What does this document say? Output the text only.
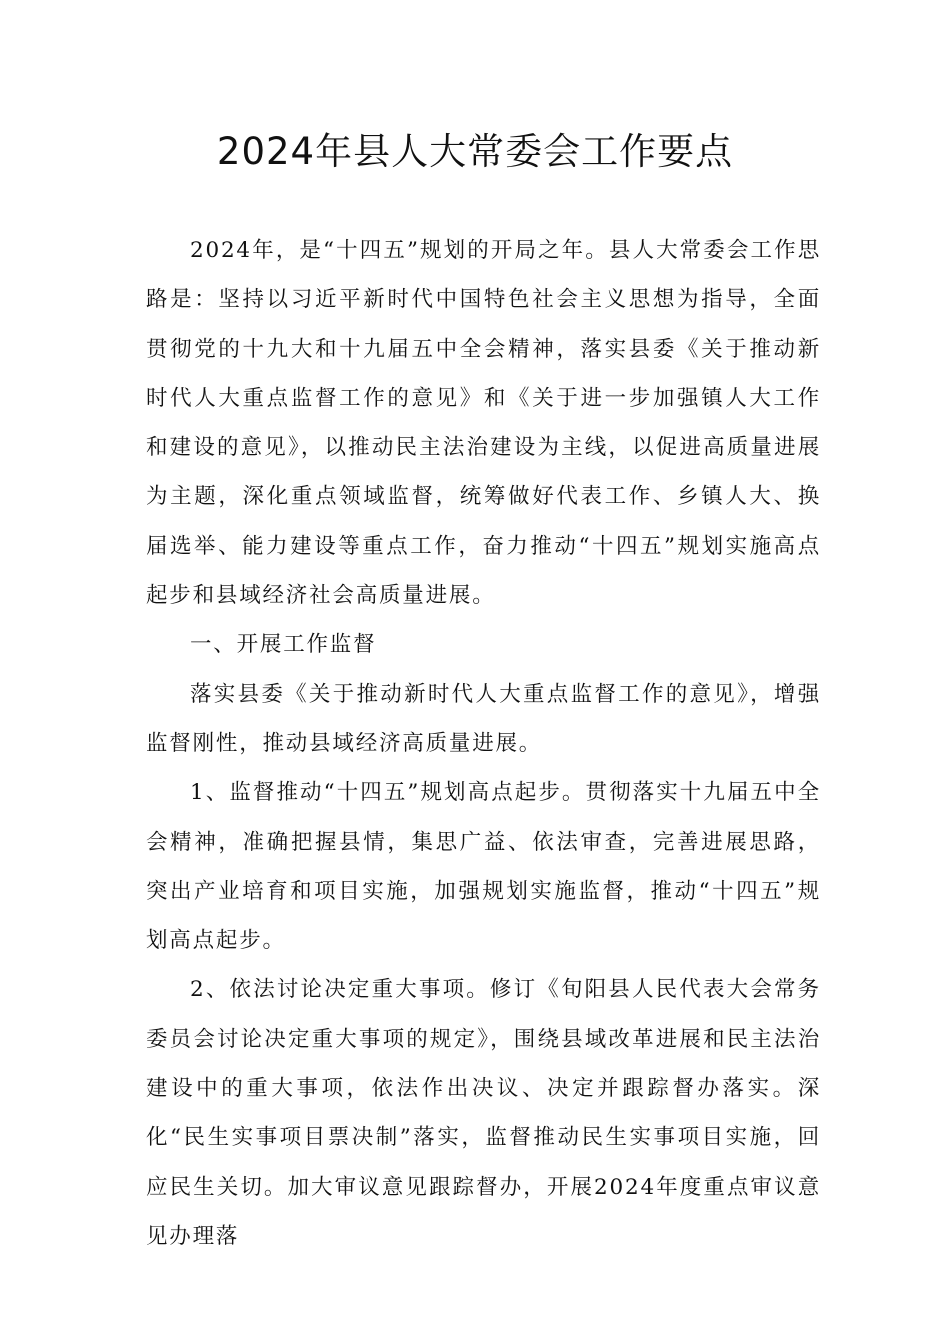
2024年县人大常委会工作要点

2024年，是“十四五”规划的开局之年。县人大常委会工作思路是：坚持以习近平新时代中国特色社会主义思想为指导，全面贯彻党的十九大和十九届五中全会精神，落实县委《关于推动新时代人大重点监督工作的意见》和《关于进一步加强镇人大工作和建设的意见》，以推动民主法治建设为主线，以促进高质量进展为主题，深化重点领域监督，统筹做好代表工作、乡镇人大、换届选举、能力建设等重点工作，奋力推动“十四五”规划实施高点起步和县域经济社会高质量进展。

一、开展工作监督

落实县委《关于推动新时代人大重点监督工作的意见》，增强监督刚性，推动县域经济高质量进展。

1、监督推动“十四五”规划高点起步。贯彻落实十九届五中全会精神，准确把握县情，集思广益、依法审查，完善进展思路，突出产业培育和项目实施，加强规划实施监督，推动“十四五”规划高点起步。

2、依法讨论决定重大事项。修订《旬阳县人民代表大会常务委员会讨论决定重大事项的规定》，围绕县域改革进展和民主法治建设中的重大事项，依法作出决议、决定并跟踪督办落实。深化“民生实事项目票决制”落实，监督推动民生实事项目实施，回应民生关切。加大审议意见跟踪督办，开展2024年度重点审议意见办理落
